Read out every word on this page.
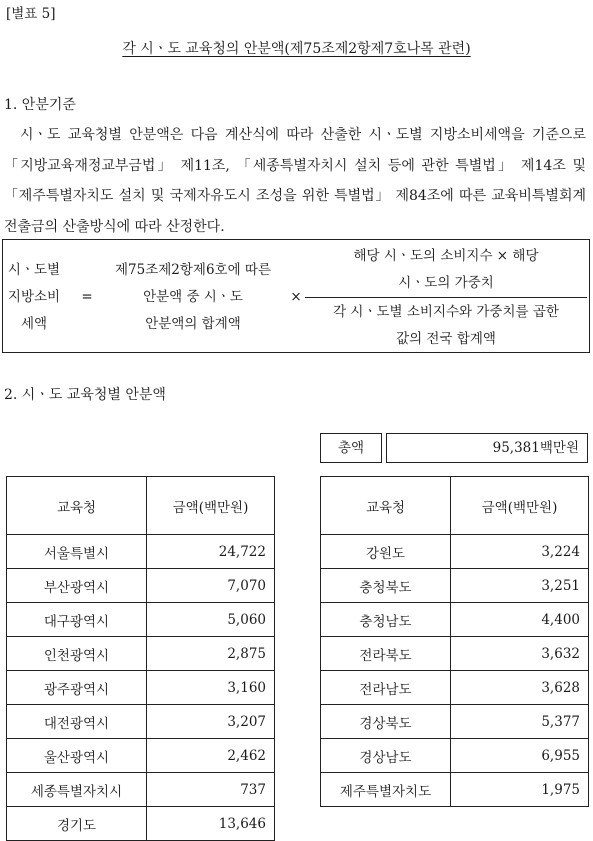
[별표 5]
각 시ㆍ도 교육청의 안분액(제75조제2항제7호나목 관련)
1. 안분기준
시ㆍ도 교육청별 안분액은 다음 계산식에 따라 산출한 시ㆍ도별 지방소비세액을 기준으로 「지방교육재정교부금법」 제11조, 「세종특별자치시 설치 등에 관한 특별법」 제14조 및 「제주특별자치도 설치 및 국제자유도시 조성을 위한 특별법」 제84조에 따른 교육비특별회계 전출금의 산출방식에 따라 산정한다.
시ㆍ도별
지방소비
세액
=
제75조제2항제6호에 따른
안분액 중 시ㆍ도
안분액의 합계액
×
해당 시ㆍ도의 소비지수 × 해당
시ㆍ도의 가중치
각 시ㆍ도별 소비지수와 가중치를 곱한
값의 전국 합계액
2. 시ㆍ도 교육청별 안분액
총액	95,381백만원
교육청	금액(백만원)
서울특별시	24,722
부산광역시	7,070
대구광역시	5,060
인천광역시	2,875
광주광역시	3,160
대전광역시	3,207
울산광역시	2,462
세종특별자치시	737
경기도	13,646
교육청	금액(백만원)
강원도	3,224
충청북도	3,251
충청남도	4,400
전라북도	3,632
전라남도	3,628
경상북도	5,377
경상남도	6,955
제주특별자치도	1,975
